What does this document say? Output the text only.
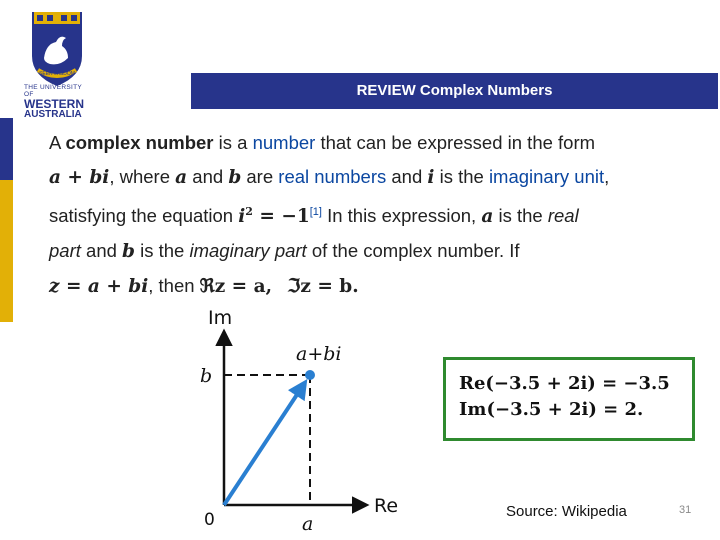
SEEK WISDOM
THE UNIVERSITY OF
WESTERN
AUSTRALIA
REVIEW Complex Numbers
A complex number is a number that can be expressed in the form
a + bi, where a and b are real numbers and i is the imaginary unit,
satisfying the equation $i^2 = -1[1]$ In this expression, a is the real
part and b is the imaginary part of the complex number. If
z = a + bi, then ℜz = a, ℑz = b.
Im
Re
0	a
b
a+bi
Re(−3.5 + 2i) = −3.5
Im(−3.5 + 2i) = 2.
Source: Wikipedia	31
